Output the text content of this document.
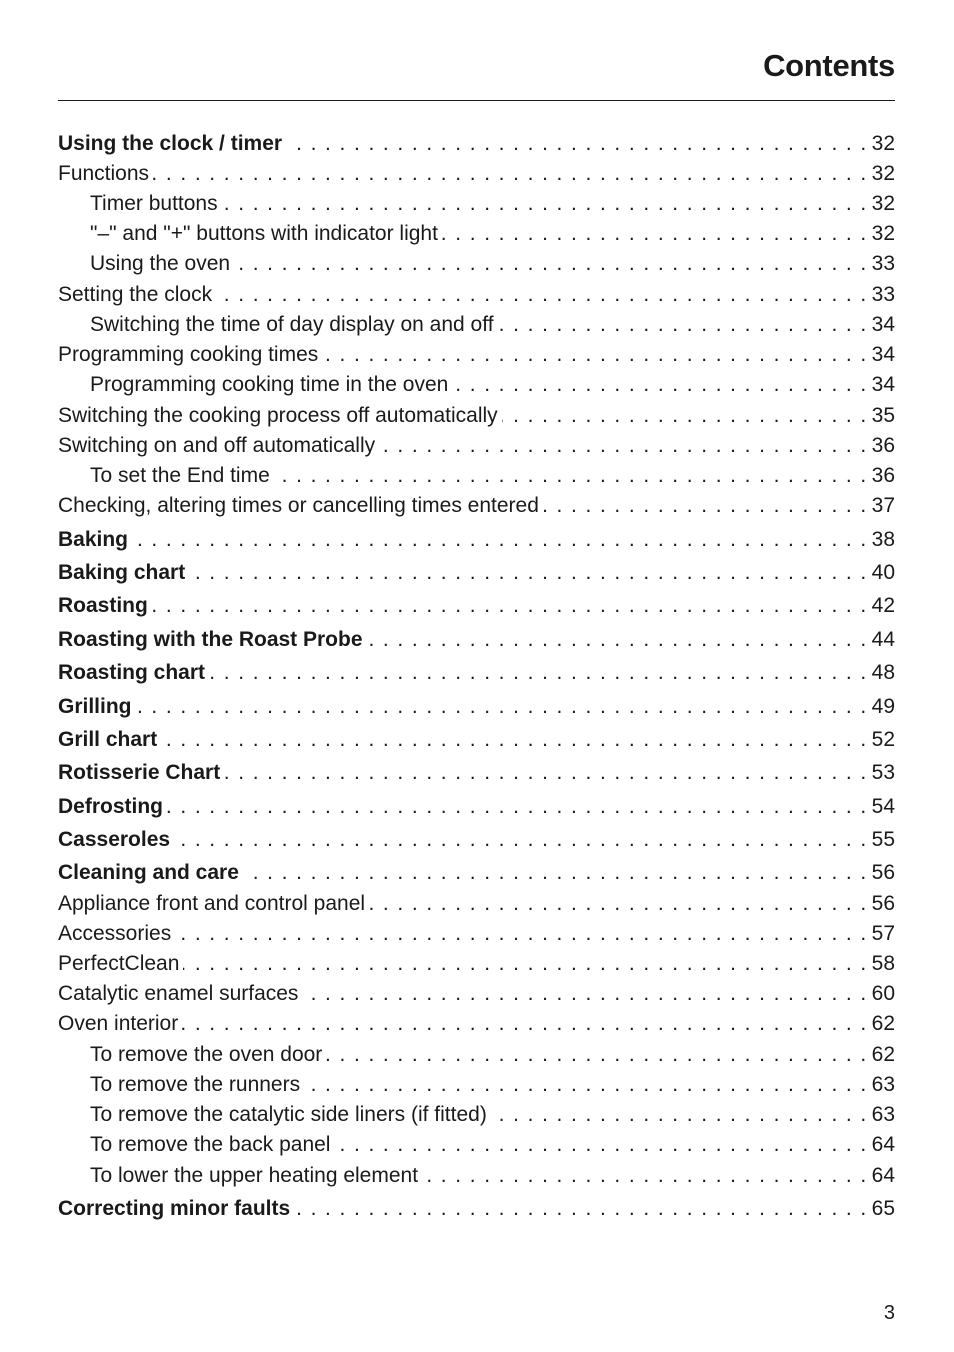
Contents
Using the clock / timer . . .	32
Functions . . .	32
Timer buttons . . .	32
"–" and "+" buttons with indicator light . . .	32
Using the oven . . .	33
Setting the clock . . .	33
Switching the time of day display on and off . . .	34
Programming cooking times . . .	34
Programming cooking time in the oven . . .	34
Switching the cooking process off automatically . . .	35
Switching on and off automatically . . .	36
To set the End time . . .	36
Checking, altering times or cancelling times entered . . .	37
Baking . . .	38
Baking chart . . .	40
Roasting . . .	42
Roasting with the Roast Probe . . .	44
Roasting chart . . .	48
Grilling . . .	49
Grill chart . . .	52
Rotisserie Chart . . .	53
Defrosting . . .	54
Casseroles . . .	55
Cleaning and care . . .	56
Appliance front and control panel . . .	56
Accessories . . .	57
PerfectClean . . .	58
Catalytic enamel surfaces . . .	60
Oven interior . . .	62
To remove the oven door . . .	62
To remove the runners . . .	63
To remove the catalytic side liners (if fitted) . . .	63
To remove the back panel . . .	64
To lower the upper heating element . . .	64
Correcting minor faults . . .	65
3
